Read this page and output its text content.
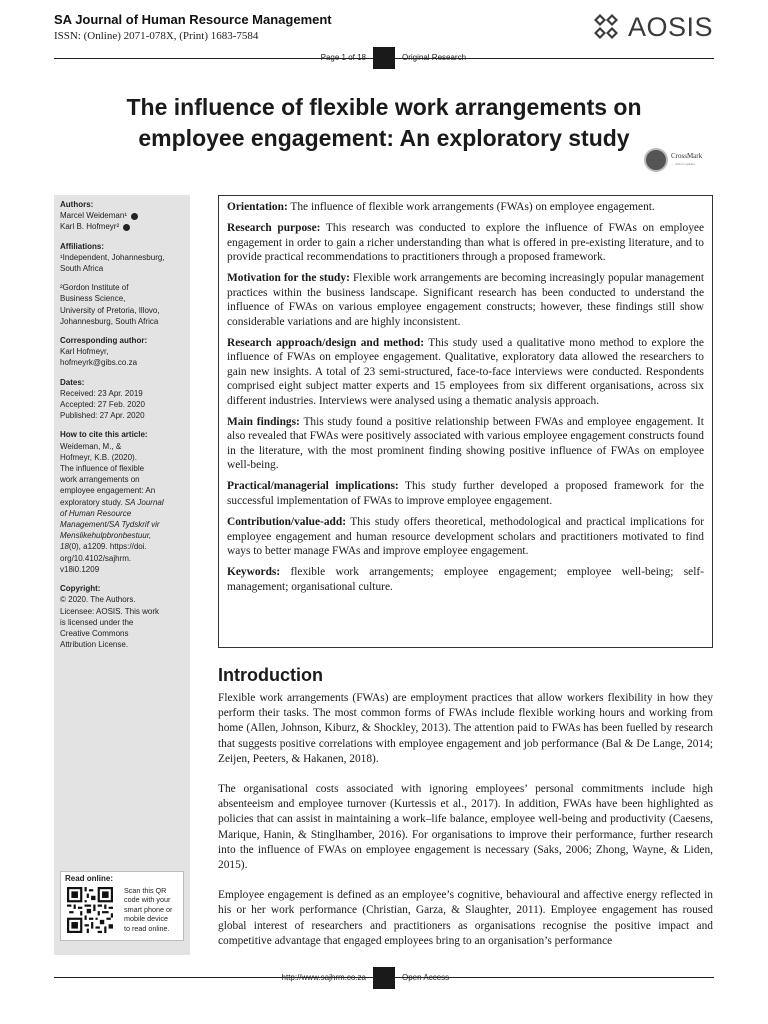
SA Journal of Human Resource Management
ISSN: (Online) 2071-078X, (Print) 1683-7584	AOSIS
Page 1 of 18	Original Research
The influence of flexible work arrangements on
employee engagement: An exploratory study
CrossMark
← click for updates
Authors:
Marcel Weideman¹
Karl B. Hofmeyr²
Affiliations:
¹Independent, Johannesburg,
South Africa
²Gordon Institute of
Business Science,
University of Pretoria, Illovo,
Johannesburg, South Africa
Corresponding author:
Karl Hofmeyr,
hofmeyrk@gibs.co.za
Dates:
Received: 23 Apr. 2019
Accepted: 27 Feb. 2020
Published: 27 Apr. 2020
How to cite this article:
Weideman, M., &
Hofmeyr, K.B. (2020).
The influence of flexible
work arrangements on
employee engagement: An
exploratory study. SA Journal
of Human Resource
Management/SA Tydskrif vir
Menslikehulpbronbestuur,
18(0), a1209. https://doi.
org/10.4102/sajhrm.
v18i0.1209
Copyright:
© 2020. The Authors.
Licensee: AOSIS. This work
is licensed under the
Creative Commons
Attribution License.
Read online:
Scan this QR
code with your
smart phone or
mobile device
to read online.

Orientation: The influence of flexible work arrangements (FWAs) on employee engagement.

Research purpose: This research was conducted to explore the influence of FWAs on employee engagement in order to gain a richer understanding than what is offered in pre-existing literature, and to provide practical recommendations to practitioners through a proposed framework.

Motivation for the study: Flexible work arrangements are becoming increasingly popular management practices within the business landscape. Significant research has been conducted to understand the influence of FWAs on various employee engagement constructs; however, these findings still show considerable variations and are highly inconsistent.

Research approach/design and method: This study used a qualitative mono method to explore the influence of FWAs on employee engagement. Qualitative, exploratory data allowed the researchers to gain new insights. A total of 23 semi-structured, face-to-face interviews were conducted. Respondents comprised eight subject matter experts and 15 employees from six different organisations, across six different industries. Interviews were analysed using a thematic analysis approach.

Main findings: This study found a positive relationship between FWAs and employee engagement. It also revealed that FWAs were positively associated with various employee engagement constructs found in the literature, with the most prominent finding showing positive influence of FWAs on employee well-being.

Practical/managerial implications: This study further developed a proposed framework for the successful implementation of FWAs to improve employee engagement.

Contribution/value-add: This study offers theoretical, methodological and practical implications for employee engagement and human resource development scholars and practitioners motivated to find ways to better manage FWAs and improve employee engagement.

Keywords: flexible work arrangements; employee engagement; employee well-being; self-management; organisational culture.

Introduction

Flexible work arrangements (FWAs) are employment practices that allow workers flexibility in how they perform their tasks. The most common forms of FWAs include flexible working hours and working from home (Allen, Johnson, Kiburz, & Shockley, 2013). The attention paid to FWAs has been fuelled by research that suggests positive correlations with employee engagement and job performance (Bal & De Lange, 2014; Zeijen, Peeters, & Hakanen, 2018).

The organisational costs associated with ignoring employees’ personal commitments include high absenteeism and employee turnover (Kurtessis et al., 2017). In addition, FWAs have been highlighted as policies that can assist in maintaining a work–life balance, employee well-being and productivity (Caesens, Marique, Hanin, & Stinglhamber, 2016). For organisations to improve their performance, further research into the influence of FWAs on employee engagement is necessary (Saks, 2006; Zhong, Wayne, & Liden, 2015).

Employee engagement is defined as an employee’s cognitive, behavioural and affective energy reflected in his or her work performance (Christian, Garza, & Slaughter, 2011). Employee engagement has roused global interest of researchers and practitioners as organisations recognise the positive impact and competitive advantage that engaged employees bring to an organisation’s performance

http://www.sajhrm.co.za	Open Access
